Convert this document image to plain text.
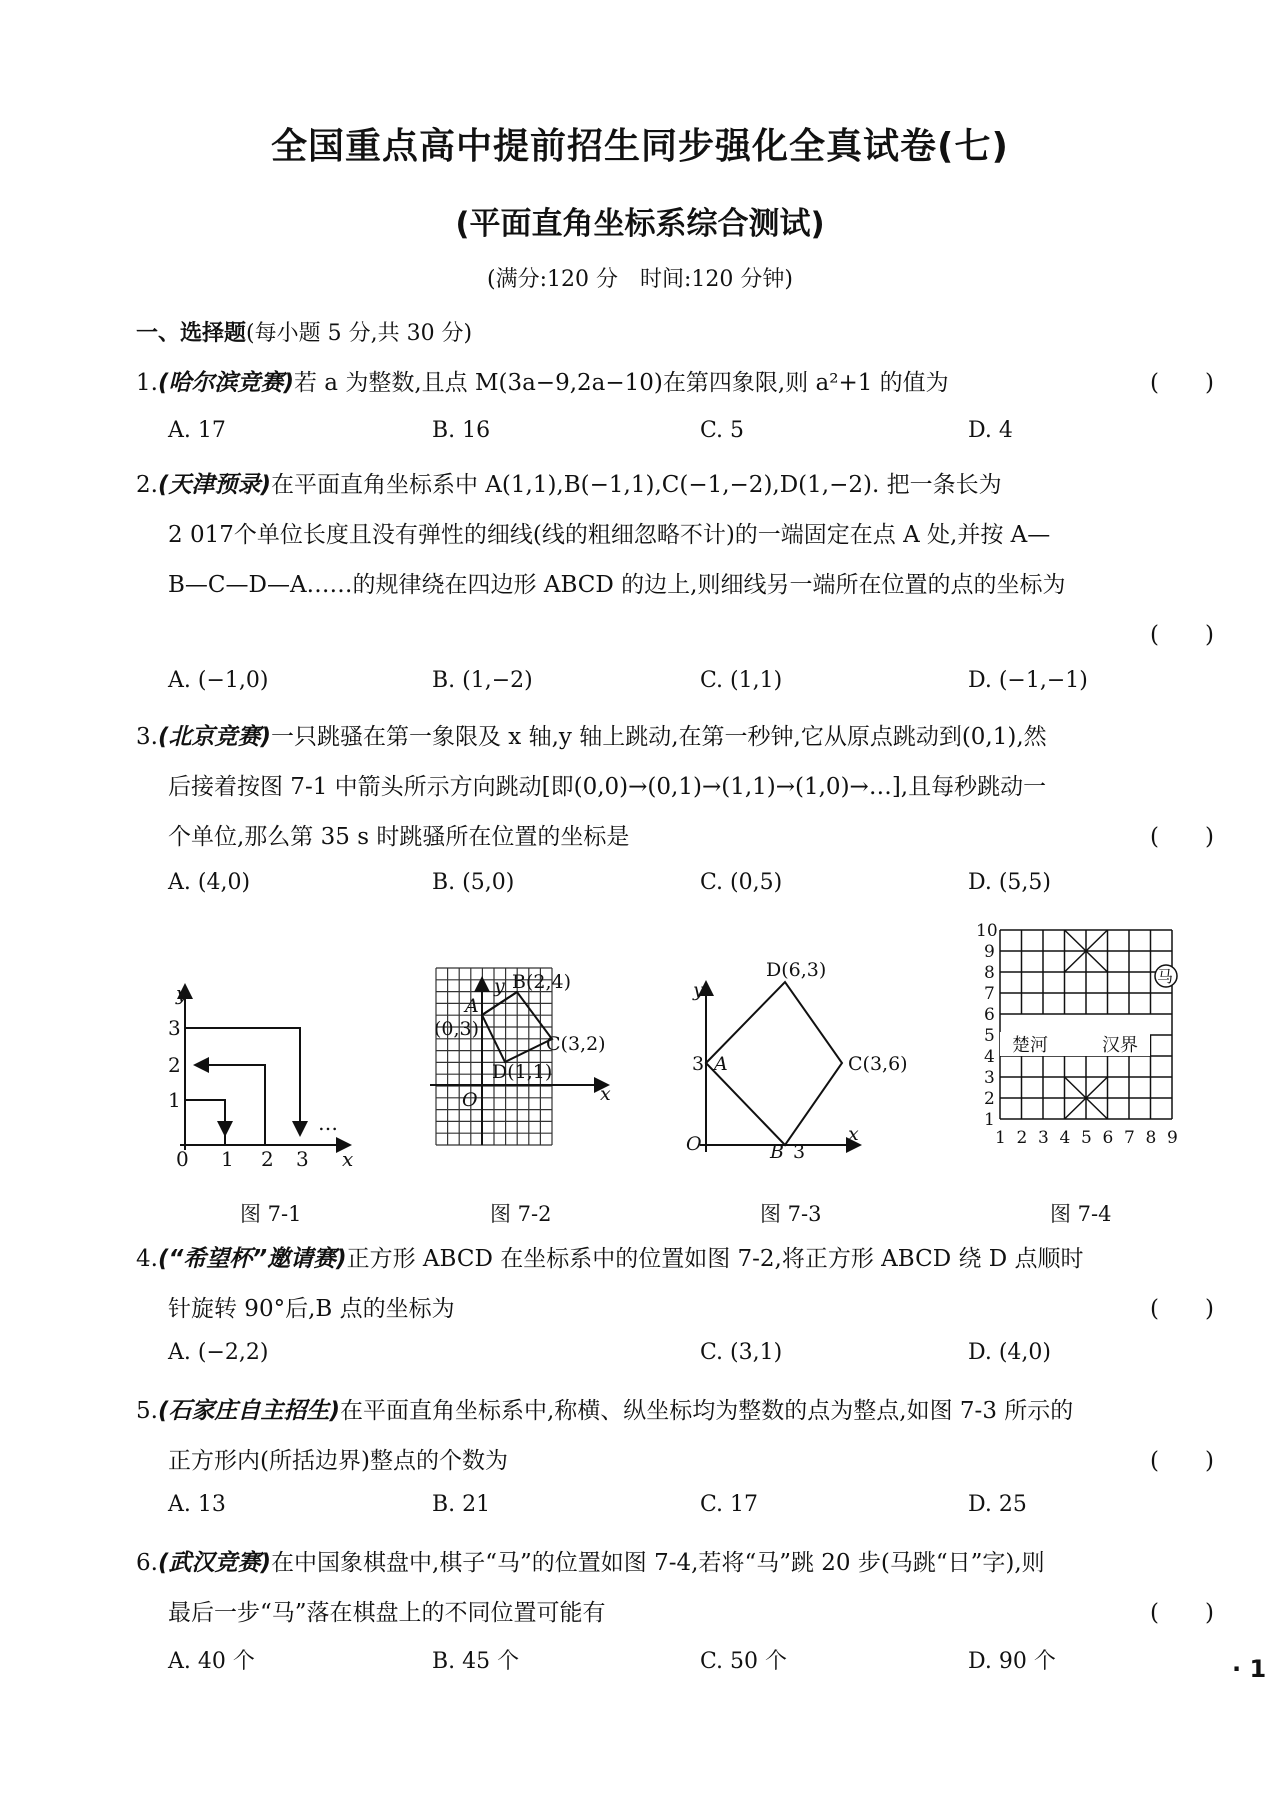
全国重点高中提前招生同步强化全真试卷(七)
(平面直角坐标系综合测试)
(满分:120 分　时间:120 分钟)
一、选择题(每小题 5 分,共 30 分)
1.(哈尔滨竞赛)若 a 为整数,且点 M(3a−9,2a−10)在第四象限,则 a²+1 的值为	(　　)
A. 17	B. 16	C. 5	D. 4
2.(天津预录)在平面直角坐标系中 A(1,1),B(−1,1),C(−1,−2),D(1,−2). 把一条长为
2 017个单位长度且没有弹性的细线(线的粗细忽略不计)的一端固定在点 A 处,并按 A—
B—C—D—A……的规律绕在四边形 ABCD 的边上,则细线另一端所在位置的点的坐标为
(　　)
A. (−1,0)	B. (1,−2)	C. (1,1)	D. (−1,−1)
3.(北京竞赛)一只跳骚在第一象限及 x 轴,y 轴上跳动,在第一秒钟,它从原点跳动到(0,1),然
后接着按图 7-1 中箭头所示方向跳动[即(0,0)→(0,1)→(1,1)→(1,0)→…],且每秒跳动一
个单位,那么第 35 s 时跳骚所在位置的坐标是	(　　)
A. (4,0)	B. (5,0)	C. (0,5)	D. (5,5)
y
x
0 1 2 3
1
2
3
…
y
x
O
A
(0,3)
B(2,4)
C(3,2)
D(1,1)
y
x
O
3 A
B 3
C(3,6)
D(6,3)
10
9
8
7
6
5
4
3
2
1
1 2 3 4 5 6 7 8 9
楚河	汉界
马
图 7-1	图 7-2	图 7-3	图 7-4
4.(“希望杯”邀请赛)正方形 ABCD 在坐标系中的位置如图 7-2,将正方形 ABCD 绕 D 点顺时
针旋转 90°后,B 点的坐标为	(　　)
A. (−2,2)	C. (3,1)	D. (4,0)
5.(石家庄自主招生)在平面直角坐标系中,称横、纵坐标均为整数的点为整点,如图 7-3 所示的
正方形内(所括边界)整点的个数为	(　　)
A. 13	B. 21	C. 17	D. 25
6.(武汉竞赛)在中国象棋盘中,棋子“马”的位置如图 7-4,若将“马”跳 20 步(马跳“日”字),则
最后一步“马”落在棋盘上的不同位置可能有	(　　)
A. 40 个	B. 45 个	C. 50 个	D. 90 个	· 1
